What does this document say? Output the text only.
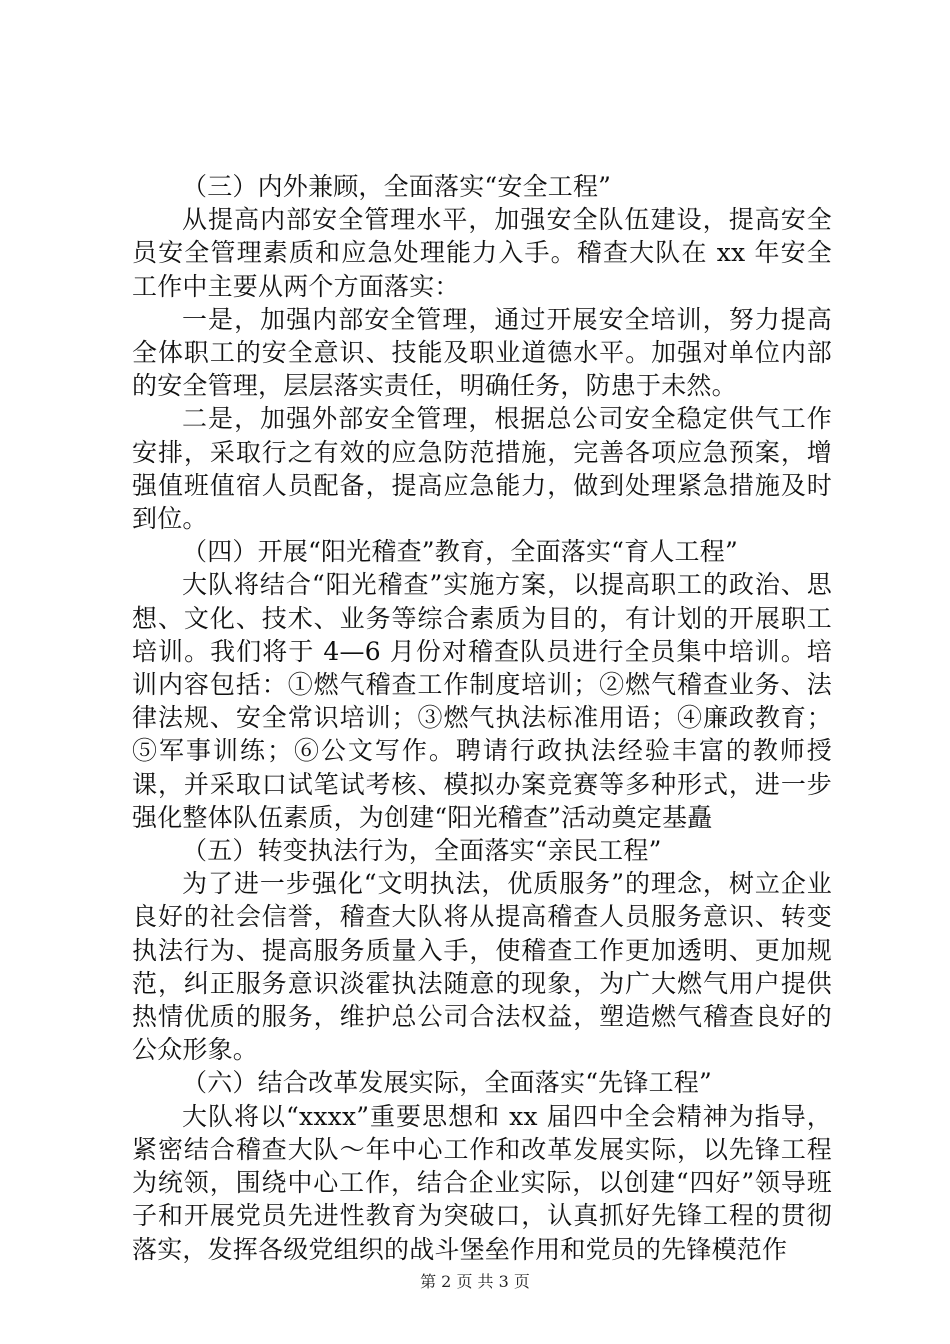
（三）内外兼顾，全面落实“安全工程”

从提高内部安全管理水平，加强安全队伍建设，提高安全员安全管理素质和应急处理能力入手。稽查大队在 xx 年安全工作中主要从两个方面落实：

一是，加强内部安全管理，通过开展安全培训，努力提高全体职工的安全意识、技能及职业道德水平。加强对单位内部的安全管理，层层落实责任，明确任务，防患于未然。

二是，加强外部安全管理，根据总公司安全稳定供气工作安排，采取行之有效的应急防范措施，完善各项应急预案，增强值班值宿人员配备，提高应急能力，做到处理紧急措施及时到位。

（四）开展“阳光稽查”教育，全面落实“育人工程”

大队将结合“阳光稽查”实施方案，以提高职工的政治、思想、文化、技术、业务等综合素质为目的，有计划的开展职工培训。我们将于 4—6 月份对稽查队员进行全员集中培训。培训内容包括：①燃气稽查工作制度培训；②燃气稽查业务、法律法规、安全常识培训；③燃气执法标准用语；④廉政教育；⑤军事训练；⑥公文写作。聘请行政执法经验丰富的教师授课，并采取口试笔试考核、模拟办案竞赛等多种形式，进一步强化整体队伍素质，为创建“阳光稽查”活动奠定基矗

（五）转变执法行为，全面落实“亲民工程”

为了进一步强化“文明执法，优质服务”的理念，树立企业良好的社会信誉，稽查大队将从提高稽查人员服务意识、转变执法行为、提高服务质量入手，使稽查工作更加透明、更加规范，纠正服务意识淡霍执法随意的现象，为广大燃气用户提供热情优质的服务，维护总公司合法权益，塑造燃气稽查良好的公众形象。

（六）结合改革发展实际，全面落实“先锋工程”

大队将以“xxxx”重要思想和 xx 届四中全会精神为指导，紧密结合稽查大队～年中心工作和改革发展实际，以先锋工程为统领，围绕中心工作，结合企业实际，以创建“四好”领导班子和开展党员先进性教育为突破口，认真抓好先锋工程的贯彻落实，发挥各级党组织的战斗堡垒作用和党员的先锋模范作

第 2 页 共 3 页
